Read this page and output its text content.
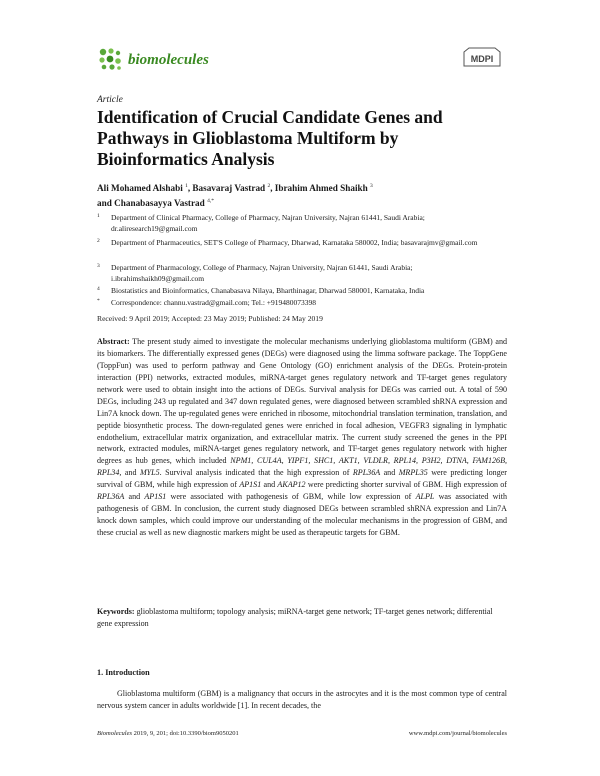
biomolecules	MDPI
Article
Identification of Crucial Candidate Genes and Pathways in Glioblastoma Multiform by Bioinformatics Analysis
Ali Mohamed Alshabi $^1$, Basavaraj Vastrad $^2$, Ibrahim Ahmed Shaikh $^3$
and Chanabasayya Vastrad $^{4,*}$
1 Department of Clinical Pharmacy, College of Pharmacy, Najran University, Najran 61441, Saudi Arabia; dr.aliresearch19@gmail.com
2 Department of Pharmaceutics, SET'S College of Pharmacy, Dharwad, Karnataka 580002, India; basavarajmv@gmail.com
3 Department of Pharmacology, College of Pharmacy, Najran University, Najran 61441, Saudi Arabia; i.ibrahimshaikh09@gmail.com
4 Biostatistics and Bioinformatics, Chanabasava Nilaya, Bharthinagar, Dharwad 580001, Karnataka, India
* Correspondence: channu.vastrad@gmail.com; Tel.: +919480073398
Received: 9 April 2019; Accepted: 23 May 2019; Published: 24 May 2019
Abstract: The present study aimed to investigate the molecular mechanisms underlying glioblastoma multiform (GBM) and its biomarkers. The differentially expressed genes (DEGs) were diagnosed using the limma software package. The ToppGene (ToppFun) was used to perform pathway and Gene Ontology (GO) enrichment analysis of the DEGs. Protein-protein interaction (PPI) networks, extracted modules, miRNA-target genes regulatory network and TF-target genes regulatory network were used to obtain insight into the actions of DEGs. Survival analysis for DEGs was carried out. A total of 590 DEGs, including 243 up regulated and 347 down regulated genes, were diagnosed between scrambled shRNA expression and Lin7A knock down. The up-regulated genes were enriched in ribosome, mitochondrial translation termination, translation, and peptide biosynthetic process. The down-regulated genes were enriched in focal adhesion, VEGFR3 signaling in lymphatic endothelium, extracellular matrix organization, and extracellular matrix. The current study screened the genes in the PPI network, extracted modules, miRNA-target genes regulatory network, and TF-target genes regulatory network with higher degrees as hub genes, which included NPM1, CUL4A, YIPF1, SHC1, AKT1, VLDLR, RPL14, P3H2, DTNA, FAM126B, RPL34, and MYL5. Survival analysis indicated that the high expression of RPL36A and MRPL35 were predicting longer survival of GBM, while high expression of AP1S1 and AKAP12 were predicting shorter survival of GBM. High expression of RPL36A and AP1S1 were associated with pathogenesis of GBM, while low expression of ALPL was associated with pathogenesis of GBM. In conclusion, the current study diagnosed DEGs between scrambled shRNA expression and Lin7A knock down samples, which could improve our understanding of the molecular mechanisms in the progression of GBM, and these crucial as well as new diagnostic markers might be used as therapeutic targets for GBM.
Keywords: glioblastoma multiform; topology analysis; miRNA-target gene network; TF-target genes network; differential gene expression
1. Introduction
Glioblastoma multiform (GBM) is a malignancy that occurs in the astrocytes and it is the most common type of central nervous system cancer in adults worldwide [1]. In recent decades, the
Biomolecules 2019, 9, 201; doi:10.3390/biom9050201	www.mdpi.com/journal/biomolecules
